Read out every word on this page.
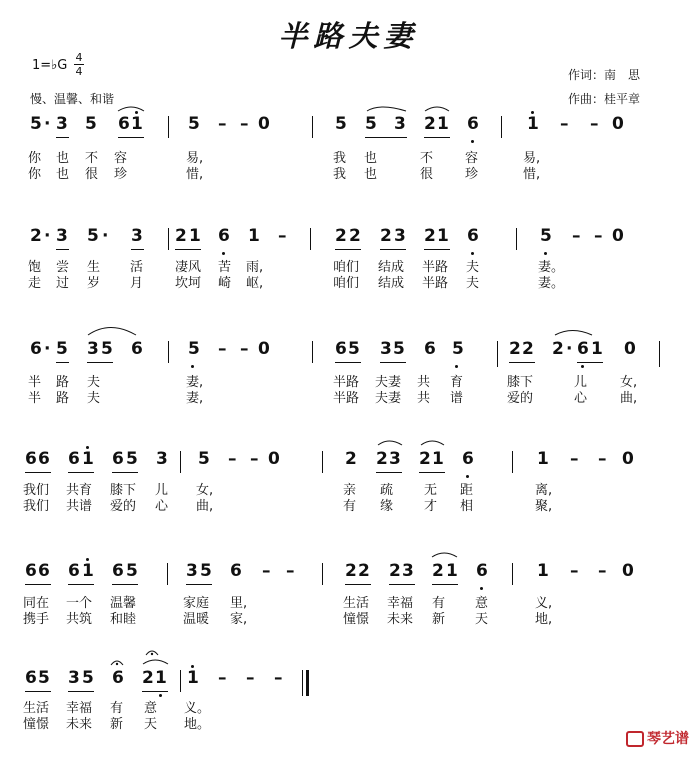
半路夫妻
1=♭G
4
4
慢、温馨、和谐
作词：南　思
作曲：桂平章
5 · 3 5 6 1	5 – – 0	5 5 3 2 1 6	1 – – 0
你 也 不 容	易,	我 也	不 容	易,
你 也 很 珍	惜,	我 也	很 珍	惜,
2 · 3 5 · 3 2 1 6 1 –	2 2 2 3 2 1 6	5 – – 0
饱 尝 生 活 凄风 苦 雨,	咱们 结成 半路 夫	妻。
走 过 岁 月 坎坷 崎 岖,	咱们 结成 半路 夫	妻。
6 · 5 3 5 6	5 – – 0	6 5 3 5 6 5	2 2 2 · 6 1 0
半 路 夫	妻,	半路 夫妻 共 育	膝下	儿	女,
半 路 夫	妻,	半路 夫妻 共 谱	爱的	心	曲,
6 6 6 1 6 5 3 5 – – 0	2 2 3 2 1 6	1 – – 0
我们 共育 膝下 儿 女,	亲 疏 无 距	离,
我们 共谱 爱的 心 曲,	有 缘 才 相	聚,
6 6 6 1 6 5	3 5 6 – –	2 2 2 3 2 1 6	1 – – 0
同在 一个 温馨	家庭 里,	生活 幸福 有 意	义,
携手 共筑 和睦	温暖 家,	憧憬 未来 新 天	地,
6 5 3 5 6 2 1 1 – – –
生活 幸福 有 意 义。
憧憬 未来 新 天 地。
琴艺谱
